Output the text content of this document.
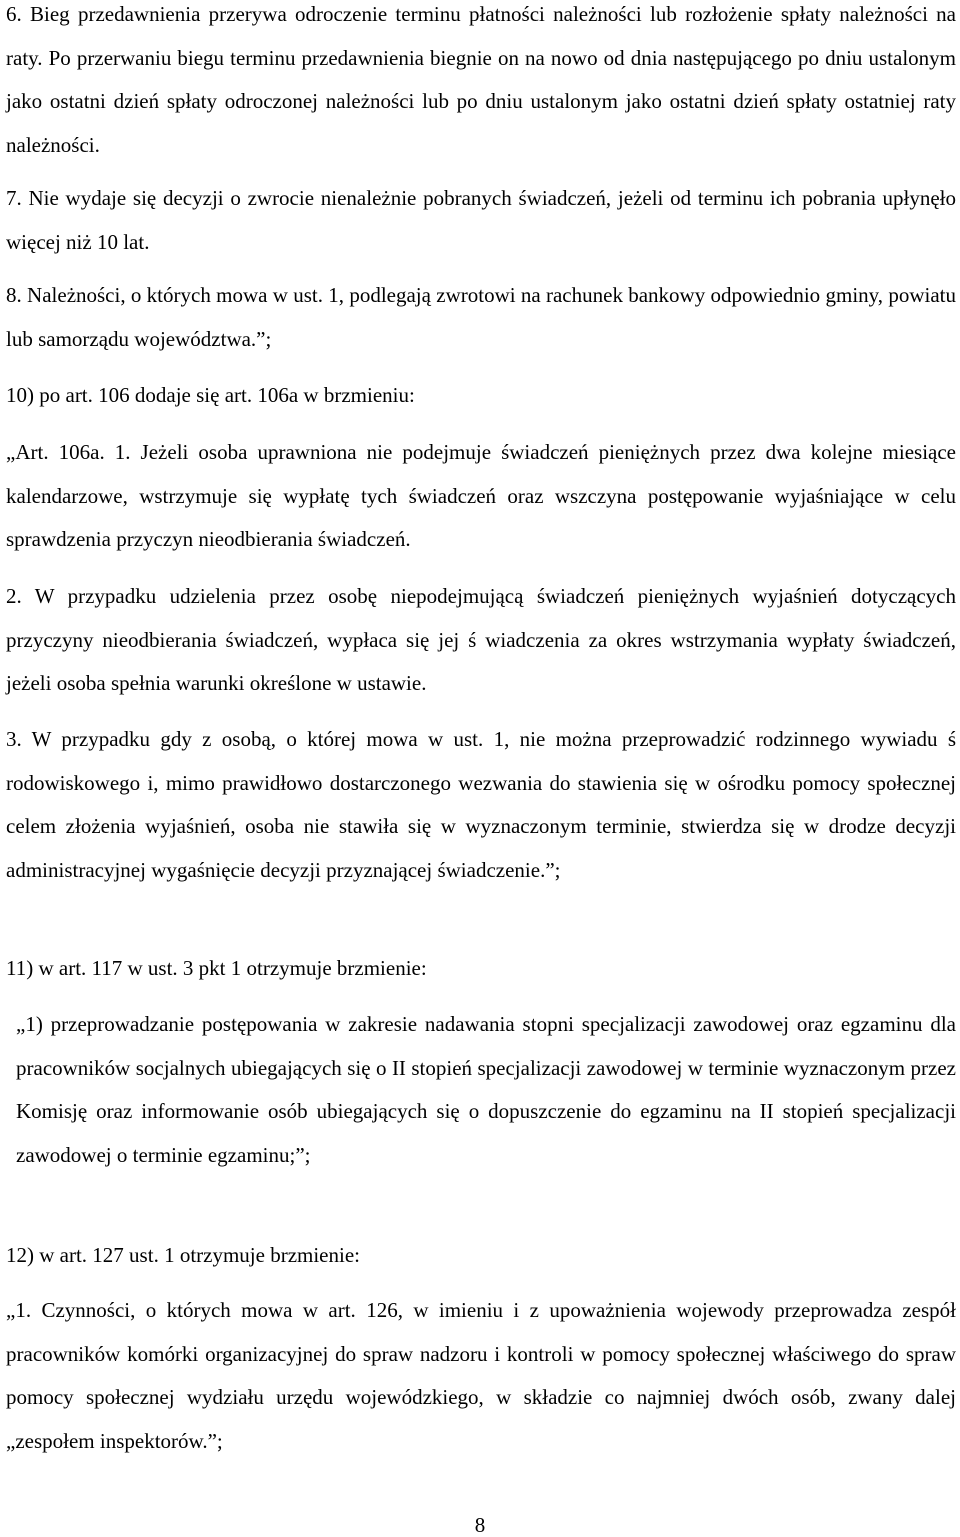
6. Bieg przedawnienia przerywa odroczenie terminu płatności należności lub rozłożenie spłaty należności na raty. Po przerwaniu biegu terminu przedawnienia biegnie on na nowo od dnia następującego po dniu ustalonym jako ostatni dzień spłaty odroczonej należności lub po dniu ustalonym jako ostatni dzień spłaty ostatniej raty należności.

7. Nie wydaje się decyzji o zwrocie nienależnie pobranych świadczeń, jeżeli od terminu ich pobrania upłynęło więcej niż 10 lat.

8. Należności, o których mowa w ust. 1, podlegają zwrotowi na rachunek bankowy odpowiednio gminy, powiatu lub samorządu województwa.”;

10) po art. 106 dodaje się art. 106a w brzmieniu:

„Art. 106a. 1. Jeżeli osoba uprawniona nie podejmuje świadczeń pieniężnych przez dwa kolejne miesiące kalendarzowe, wstrzymuje się wypłatę tych świadczeń oraz wszczyna postępowanie wyjaśniające w celu sprawdzenia przyczyn nieodbierania świadczeń.

2. W przypadku udzielenia przez osobę niepodejmującą świadczeń pieniężnych wyjaśnień dotyczących przyczyny nieodbierania świadczeń, wypłaca się jej ś wiadczenia za okres wstrzymania wypłaty świadczeń, jeżeli osoba spełnia warunki określone w ustawie.

3. W przypadku gdy z osobą, o której mowa w ust. 1, nie można przeprowadzić rodzinnego wywiadu ś rodowiskowego i, mimo prawidłowo dostarczonego wezwania do stawienia się w ośrodku pomocy społecznej celem złożenia wyjaśnień, osoba nie stawiła się w wyznaczonym terminie, stwierdza się w drodze decyzji administracyjnej wygaśnięcie decyzji przyznającej świadczenie.”;

11) w art. 117 w ust. 3 pkt 1 otrzymuje brzmienie:

„1) przeprowadzanie postępowania w zakresie nadawania stopni specjalizacji zawodowej oraz egzaminu dla pracowników socjalnych ubiegających się o II stopień specjalizacji zawodowej w terminie wyznaczonym przez Komisję oraz informowanie osób ubiegających się o dopuszczenie do egzaminu na II stopień specjalizacji zawodowej o terminie egzaminu;”;

12) w art. 127 ust. 1 otrzymuje brzmienie:

„1. Czynności, o których mowa w art. 126, w imieniu i z upoważnienia wojewody przeprowadza zespół pracowników komórki organizacyjnej do spraw nadzoru i kontroli w pomocy społecznej właściwego do spraw pomocy społecznej wydziału urzędu wojewódzkiego, w składzie co najmniej dwóch osób, zwany dalej „zespołem inspektorów.”;

8
